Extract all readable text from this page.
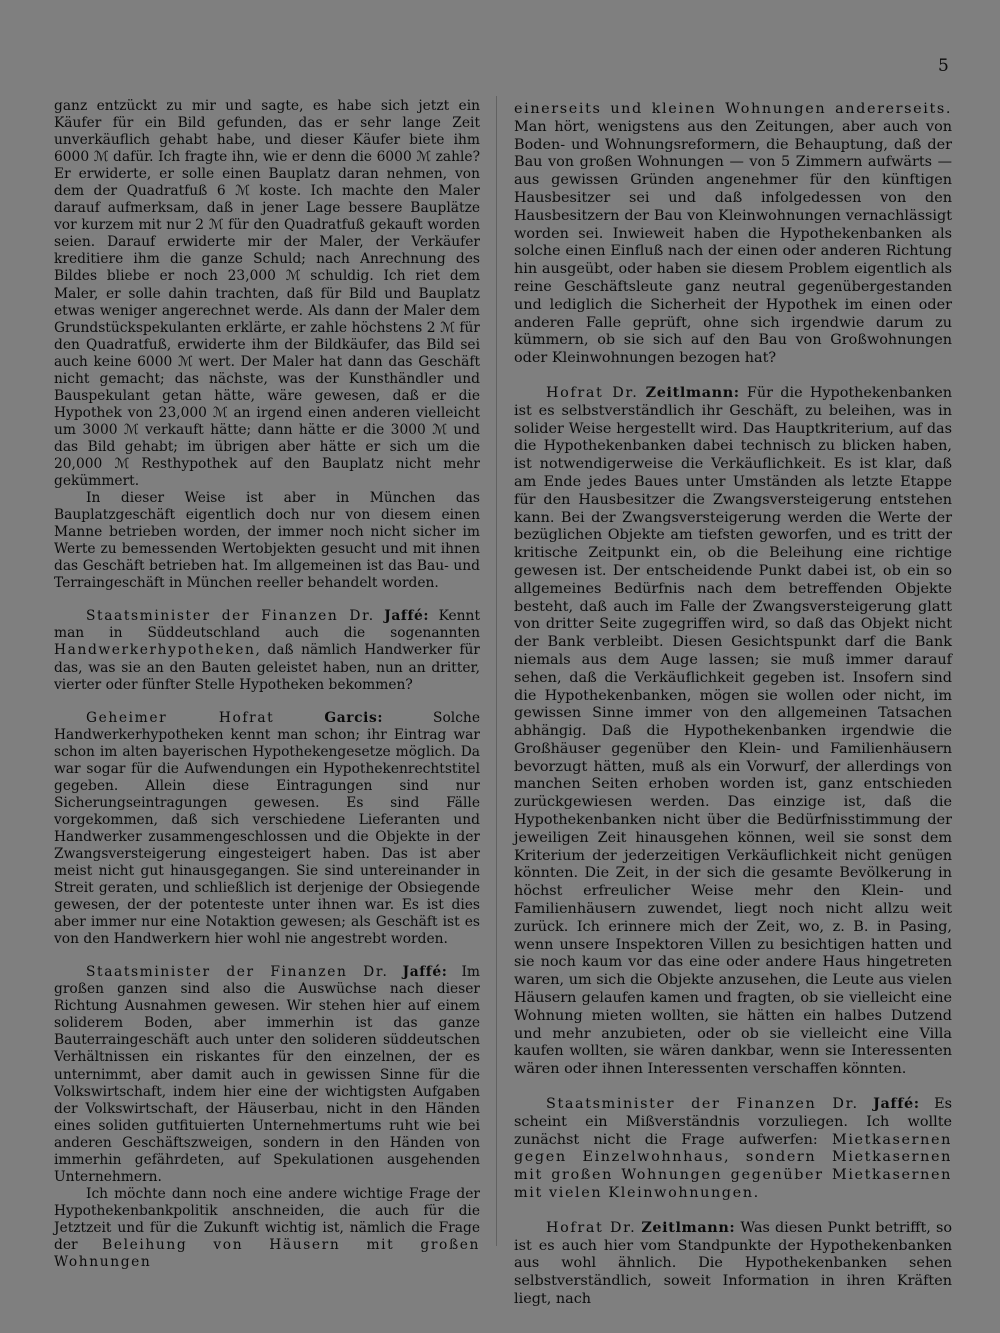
5

ganz entzückt zu mir und sagte, es habe sich jetzt ein Käufer für ein Bild gefunden, das er sehr lange Zeit unverkäuflich gehabt habe, und dieser Käufer biete ihm 6000 ℳ dafür. Ich fragte ihn, wie er denn die 6000 ℳ zahle? Er erwiderte, er solle einen Bauplatz daran nehmen, von dem der Quadratfuß 6 ℳ koste. Ich machte den Maler darauf aufmerksam, daß in jener Lage bessere Bauplätze vor kurzem mit nur 2 ℳ für den Quadratfuß gekauft worden seien. Darauf erwiderte mir der Maler, der Verkäufer kreditiere ihm die ganze Schuld; nach Anrechnung des Bildes bliebe er noch 23,000 ℳ schuldig. Ich riet dem Maler, er solle dahin trachten, daß für Bild und Bauplatz etwas weniger angerechnet werde. Als dann der Maler dem Grundstückspekulanten erklärte, er zahle höchstens 2 ℳ für den Quadratfuß, erwiderte ihm der Bildkäufer, das Bild sei auch keine 6000 ℳ wert. Der Maler hat dann das Geschäft nicht gemacht; das nächste, was der Kunsthändler und Bauspekulant getan hätte, wäre gewesen, daß er die Hypothek von 23,000 ℳ an irgend einen anderen vielleicht um 3000 ℳ verkauft hätte; dann hätte er die 3000 ℳ und das Bild gehabt; im übrigen aber hätte er sich um die 20,000 ℳ Resthypothek auf den Bauplatz nicht mehr gekümmert.

In dieser Weise ist aber in München das Bauplatzgeschäft eigentlich doch nur von diesem einen Manne betrieben worden, der immer noch nicht sicher im Werte zu bemessenden Wertobjekten gesucht und mit ihnen das Geschäft betrieben hat. Im allgemeinen ist das Bau- und Terraingeschäft in München reeller behandelt worden.

Staatsminister der Finanzen Dr. Jaffé: Kennt man in Süddeutschland auch die sogenannten Handwerkerhypotheken, daß nämlich Handwerker für das, was sie an den Bauten geleistet haben, nun an dritter, vierter oder fünfter Stelle Hypotheken bekommen?

Geheimer Hofrat	Garcis: Solche Handwerkerhypotheken kennt man schon; ihr Eintrag war schon im alten bayerischen Hypothekengesetze möglich. Da war sogar für die Aufwendungen ein Hypothekenrechtstitel gegeben. Allein diese Eintragungen sind nur Sicherungseintragungen gewesen. Es sind Fälle vorgekommen, daß sich verschiedene Lieferanten und Handwerker zusammengeschlossen und die Objekte in der Zwangsversteigerung eingesteigert haben. Das ist aber meist nicht gut hinausgegangen. Sie sind untereinander in Streit geraten, und schließlich ist derjenige der Obsiegende gewesen, der der potenteste unter ihnen war. Es ist dies aber immer nur eine Notaktion gewesen; als Geschäft ist es von den Handwerkern hier wohl nie angestrebt worden.

Staatsminister der Finanzen Dr. Jaffé: Im großen ganzen sind also die Auswüchse nach dieser Richtung Ausnahmen gewesen. Wir stehen hier auf einem soliderem Boden, aber immerhin ist das ganze Bauterraingeschäft auch unter den solideren süddeutschen Verhältnissen ein riskantes für den einzelnen, der es unternimmt, aber damit auch in gewissen Sinne für die Volkswirtschaft, indem hier eine der wichtigsten Aufgaben der Volkswirtschaft, der Häuserbau, nicht in den Händen eines soliden gutfituierten Unternehmertums ruht wie bei anderen Geschäftszweigen, sondern in den Händen von immerhin gefährdeten, auf Spekulationen ausgehenden Unternehmern.

Ich möchte dann noch eine andere wichtige Frage der Hypothekenbankpolitik anschneiden, die auch für die Jetztzeit und für die Zukunft wichtig ist, nämlich die Frage der Beleihung von Häusern mit großen Wohnungen

einerseits und kleinen Wohnungen andererseits. Man hört, wenigstens aus den Zeitungen, aber auch von Boden- und Wohnungsreformern, die Behauptung, daß der Bau von großen Wohnungen — von 5 Zimmern aufwärts — aus gewissen Gründen angenehmer für den künftigen Hausbesitzer sei und daß infolgedessen von den Hausbesitzern der Bau von Kleinwohnungen vernachlässigt worden sei. Inwieweit haben die Hypothekenbanken als solche einen Einfluß nach der einen oder anderen Richtung hin ausgeübt, oder haben sie diesem Problem eigentlich als reine Geschäftsleute ganz neutral gegenübergestanden und lediglich die Sicherheit der Hypothek im einen oder anderen Falle geprüft, ohne sich irgendwie darum zu kümmern, ob sie sich auf den Bau von Großwohnungen oder Kleinwohnungen bezogen hat?

Hofrat Dr. Zeitlmann: Für die Hypothekenbanken ist es selbstverständlich ihr Geschäft, zu beleihen, was in solider Weise hergestellt wird. Das Hauptkriterium, auf das die Hypothekenbanken dabei technisch zu blicken haben, ist notwendigerweise die Verkäuflichkeit. Es ist klar, daß am Ende jedes Baues unter Umständen als letzte Etappe für den Hausbesitzer die Zwangsversteigerung entstehen kann. Bei der Zwangsversteigerung werden die Werte der bezüglichen Objekte am tiefsten geworfen, und es tritt der kritische Zeitpunkt ein, ob die Beleihung eine richtige gewesen ist. Der entscheidende Punkt dabei ist, ob ein so allgemeines Bedürfnis nach dem betreffenden Objekte besteht, daß auch im Falle der Zwangsversteigerung glatt von dritter Seite zugegriffen wird, so daß das Objekt nicht der Bank verbleibt. Diesen Gesichtspunkt darf die Bank niemals aus dem Auge lassen; sie muß immer darauf sehen, daß die Verkäuflichkeit gegeben ist. Insofern sind die Hypothekenbanken, mögen sie wollen oder nicht, im gewissen Sinne immer von den allgemeinen Tatsachen abhängig. Daß die Hypothekenbanken irgendwie die Großhäuser gegenüber den Klein- und Familienhäusern bevorzugt hätten, muß als ein Vorwurf, der allerdings von manchen Seiten erhoben worden ist, ganz entschieden zurückgewiesen werden. Das einzige ist, daß die Hypothekenbanken nicht über die Bedürfnisstimmung der jeweiligen Zeit hinausgehen können, weil sie sonst dem Kriterium der jederzeitigen Verkäuflichkeit nicht genügen könnten. Die Zeit, in der sich die gesamte Bevölkerung in höchst erfreulicher Weise mehr den Klein- und Familienhäusern zuwendet, liegt noch nicht allzu weit zurück. Ich erinnere mich der Zeit, wo, z. B. in Pasing, wenn unsere Inspektoren Villen zu besichtigen hatten und sie noch kaum vor das eine oder andere Haus hingetreten waren, um sich die Objekte anzusehen, die Leute aus vielen Häusern gelaufen kamen und fragten, ob sie vielleicht eine Wohnung mieten wollten, sie hätten ein halbes Dutzend und mehr anzubieten, oder ob sie vielleicht eine Villa kaufen wollten, sie wären dankbar, wenn sie Interessenten wären oder ihnen Interessenten verschaffen könnten.

Staatsminister der Finanzen Dr. Jaffé: Es scheint ein Mißverständnis vorzuliegen. Ich wollte zunächst nicht die Frage aufwerfen: Mietkasernen gegen Einzelwohnhaus, sondern Mietkasernen mit großen Wohnungen gegenüber Mietkasernen mit vielen Kleinwohnungen.

Hofrat Dr. Zeitlmann: Was diesen Punkt betrifft, so ist es auch hier vom Standpunkte der Hypothekenbanken aus wohl ähnlich. Die Hypothekenbanken sehen selbstverständlich, soweit Information in ihren Kräften liegt, nach
